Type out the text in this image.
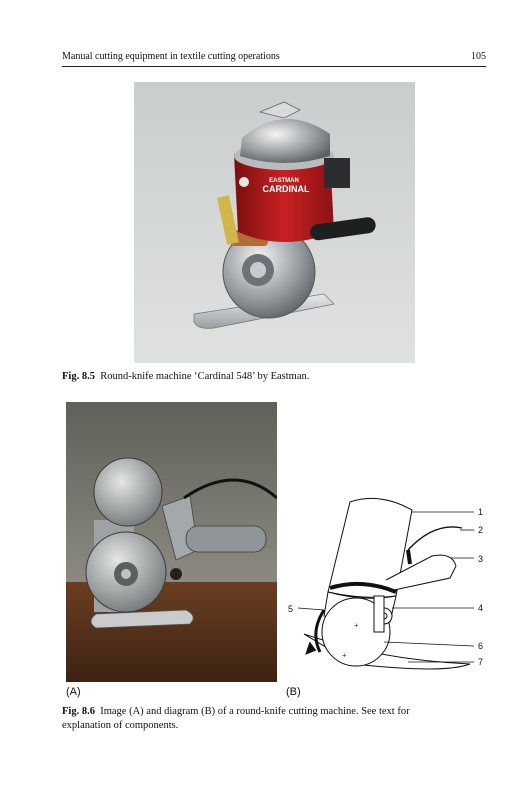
Manual cutting equipment in textile cutting operations	105
EASTMAN
CARDINAL
Fig. 8.5 Round-knife machine ‘Cardinal 548’ by Eastman.
+
+
1
2
3
4
5
6
7
(A)	(B)
Fig. 8.6 Image (A) and diagram (B) of a round-knife cutting machine. See text for explanation of components.
